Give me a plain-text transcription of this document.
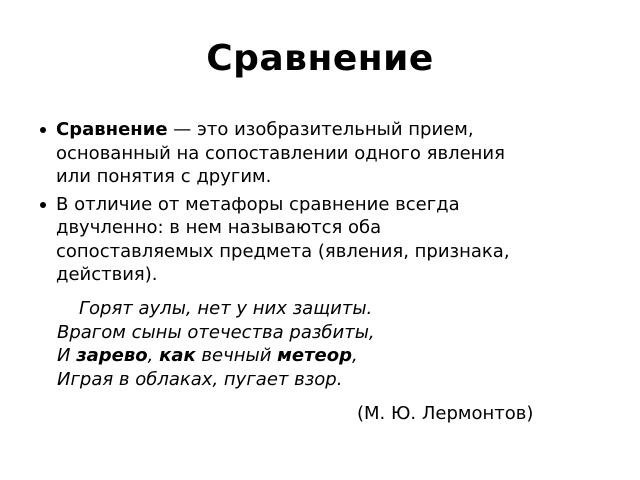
Сравнение
Сравнение — это изобразительный прием,
основанный на сопоставлении одного явления
или понятия с другим.
В отличие от метафоры сравнение всегда
двучленно: в нем называются оба
сопоставляемых предмета (явления, признака,
действия).
Горят аулы, нет у них защиты.
Врагом сыны отечества разбиты,
И зарево, как вечный метеор,
Играя в облаках, пугает взор.
(М. Ю. Лермонтов)
